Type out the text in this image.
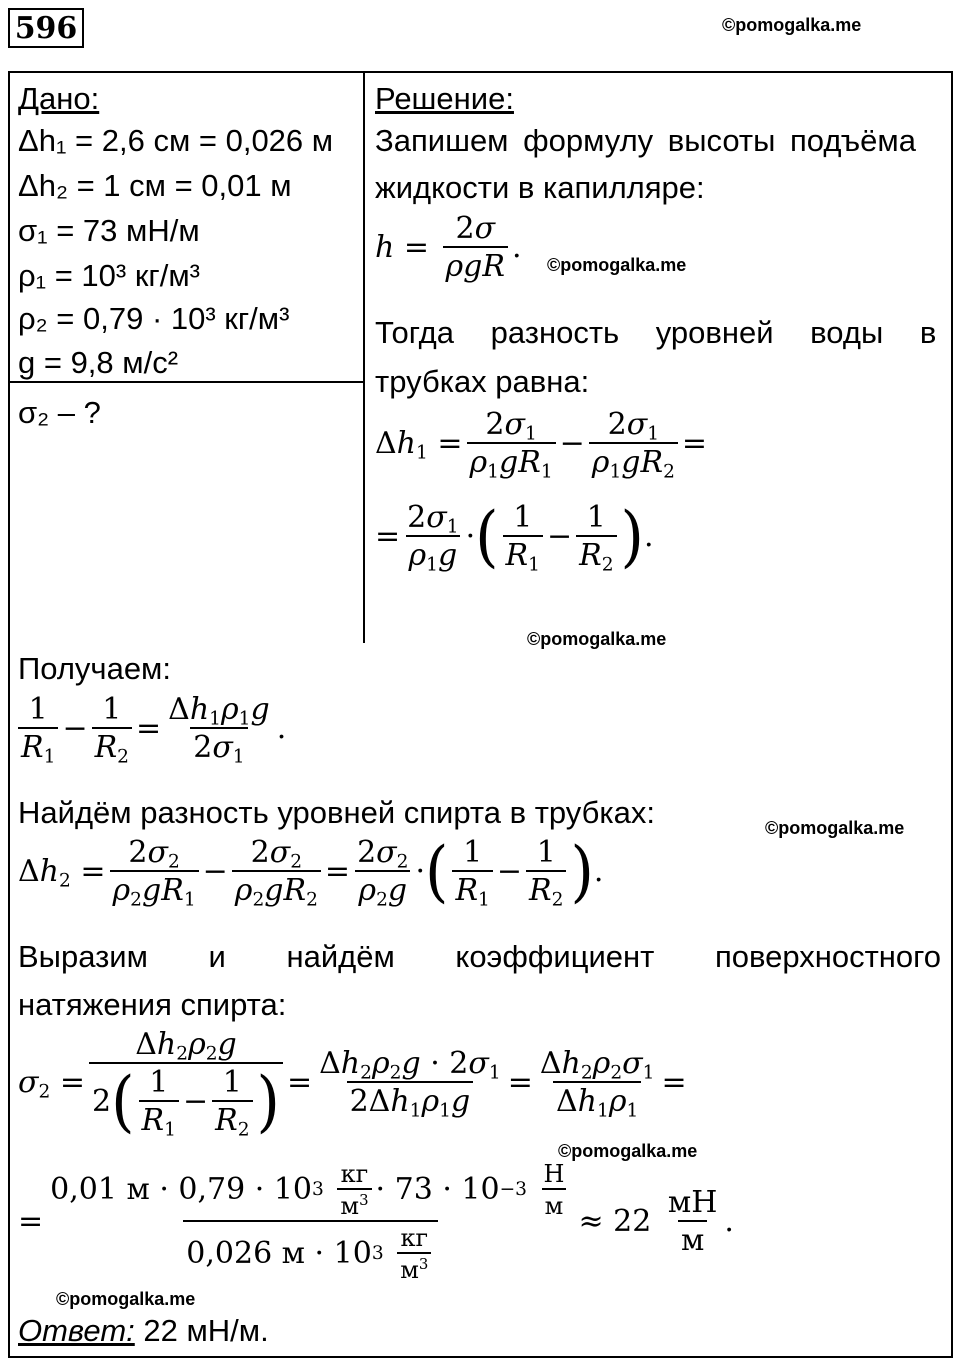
596	©pomogalka.me
©pomogalka.me
©pomogalka.me
©pomogalka.me
©pomogalka.me
©pomogalka.me
Дано:
Δh₁ = 2,6 см = 0,026 м
Δh₂ = 1 см = 0,01 м
σ₁ = 73 мН/м
ρ₁ = 10³ кг/м³
ρ₂ = 0,79 · 10³ кг/м³
g = 9,8 м/с²
σ₂ – ?
Решение:
Запишем формулу высоты подъёма
жидкости в капилляре:
$h = \frac{2\sigma}{\text{ρgR}}$ .
Тогда разность уровней воды в
трубках равна:
$\Delta h_1 = \frac{2\sigma_1}{\rho_1gR_1} - \frac{2\sigma_1}{\rho_1gR_2}$ =
= $\frac{2\sigma_1}{\rho_1g}$ · ( $\frac{1}{R_1} - \frac{1}{R_2}$ ) .
Получаем:
$\frac{1}{R_1} - \frac{1}{R_2} = \frac{\Delta h_1\rho_1g}{2\sigma_1}$ .
Найдём разность уровней спирта в трубках:
$\Delta h_2 = \frac{2\sigma_2}{\rho_2gR_1} - \frac{2\sigma_2}{\rho_2gR_2} = \frac{2\sigma_2}{\rho_2g}$ · ( $\frac{1}{R_1} - \frac{1}{R_2}$ ) .
Выразим и найдём коэффициент поверхностного
натяжения спирта:
$\sigma_2 = \frac{\Delta h_2\rho_2g}{2 ( \frac{1}{R_1} - \frac{1}{R_2} )} = \frac{\Delta h_2\rho_2g \cdot 2\sigma_1}{2\Delta h_1\rho_1g} = \frac{\Delta h_2\rho_2\sigma_1}{\Delta h_1\rho_1}$ =
= 0,01 м · 0,79 · 10 3
$\frac{кг}{м^3} \cdot 73 \cdot 10 -3$
$\frac{Н}{м}$
0,026 м · 10 3
$\frac{кг}{м^3} \approx 22 \frac{мН}{м}$ .
Ответ: 22 мН/м.
